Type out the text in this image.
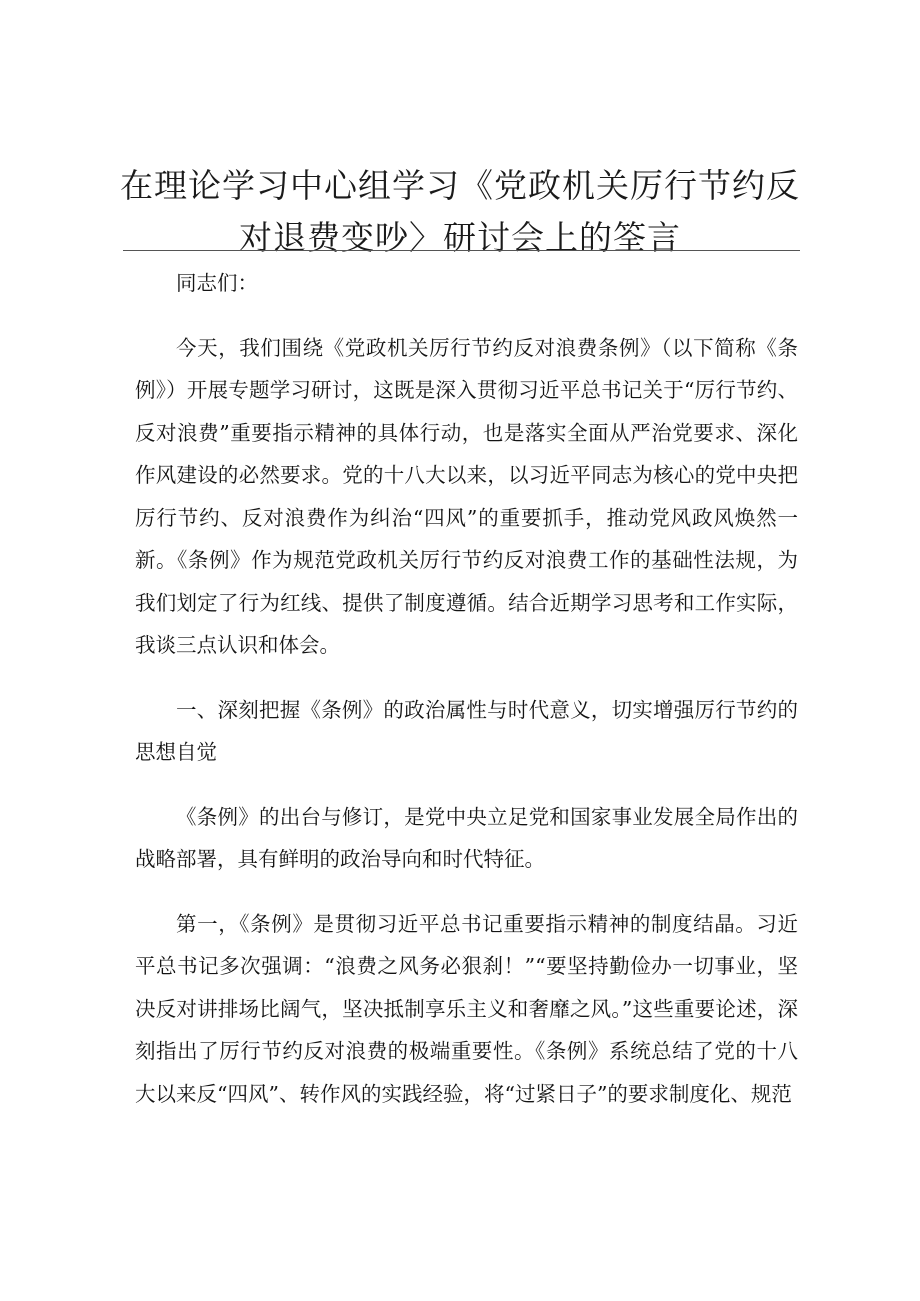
在理论学习中心组学习《党政机关厉行节约反
对退费变吵〉研讨会上的筌言

同志们：

今天，我们围绕《党政机关厉行节约反对浪费条例》（以下简称《条例》）开展专题学习研讨，这既是深入贯彻习近平总书记关于“厉行节约、反对浪费”重要指示精神的具体行动，也是落实全面从严治党要求、深化作风建设的必然要求。党的十八大以来，以习近平同志为核心的党中央把厉行节约、反对浪费作为纠治“四风”的重要抓手，推动党风政风焕然一新。《条例》作为规范党政机关厉行节约反对浪费工作的基础性法规，为我们划定了行为红线、提供了制度遵循。结合近期学习思考和工作实际，我谈三点认识和体会。

一、深刻把握《条例》的政治属性与时代意义，切实增强厉行节约的思想自觉

《条例》的出台与修订，是党中央立足党和国家事业发展全局作出的战略部署，具有鲜明的政治导向和时代特征。

第一，《条例》是贯彻习近平总书记重要指示精神的制度结晶。习近平总书记多次强调：“浪费之风务必狠刹！”“要坚持勤俭办一切事业，坚决反对讲排场比阔气，坚决抵制享乐主义和奢靡之风。”这些重要论述，深刻指出了厉行节约反对浪费的极端重要性。《条例》系统总结了党的十八大以来反“四风”、转作风的实践经验，将“过紧日子”的要求制度化、规范
